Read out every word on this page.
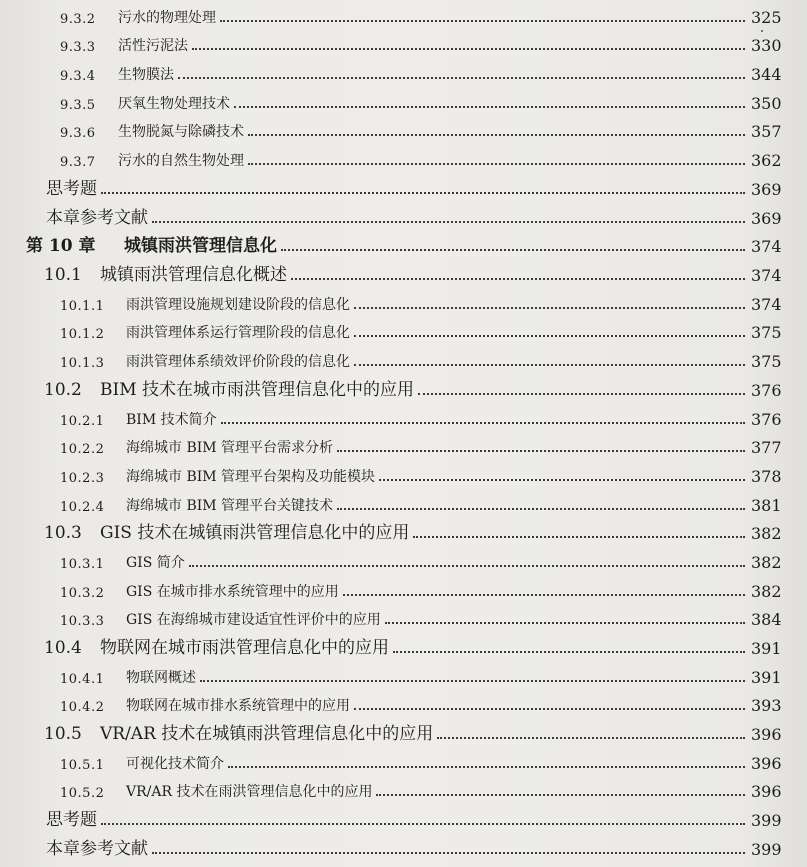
9.3.2	污水的物理处理	325
9.3.3	活性污泥法	330
9.3.4	生物膜法	344
9.3.5	厌氧生物处理技术	350
9.3.6	生物脱氮与除磷技术	357
9.3.7	污水的自然生物处理	362
思考题	369
本章参考文献	369
第 10 章	城镇雨洪管理信息化	374
10.1	城镇雨洪管理信息化概述	374
10.1.1	雨洪管理设施规划建设阶段的信息化	374
10.1.2	雨洪管理体系运行管理阶段的信息化	375
10.1.3	雨洪管理体系绩效评价阶段的信息化	375
10.2	BIM 技术在城市雨洪管理信息化中的应用	376
10.2.1	BIM 技术简介	376
10.2.2	海绵城市 BIM 管理平台需求分析	377
10.2.3	海绵城市 BIM 管理平台架构及功能模块	378
10.2.4	海绵城市 BIM 管理平台关键技术	381
10.3	GIS 技术在城镇雨洪管理信息化中的应用	382
10.3.1	GIS 简介	382
10.3.2	GIS 在城市排水系统管理中的应用	382
10.3.3	GIS 在海绵城市建设适宜性评价中的应用	384
10.4	物联网在城市雨洪管理信息化中的应用	391
10.4.1	物联网概述	391
10.4.2	物联网在城市排水系统管理中的应用	393
10.5	VR/AR 技术在城镇雨洪管理信息化中的应用	396
10.5.1	可视化技术简介	396
10.5.2	VR/AR 技术在雨洪管理信息化中的应用	396
思考题	399
本章参考文献	399
